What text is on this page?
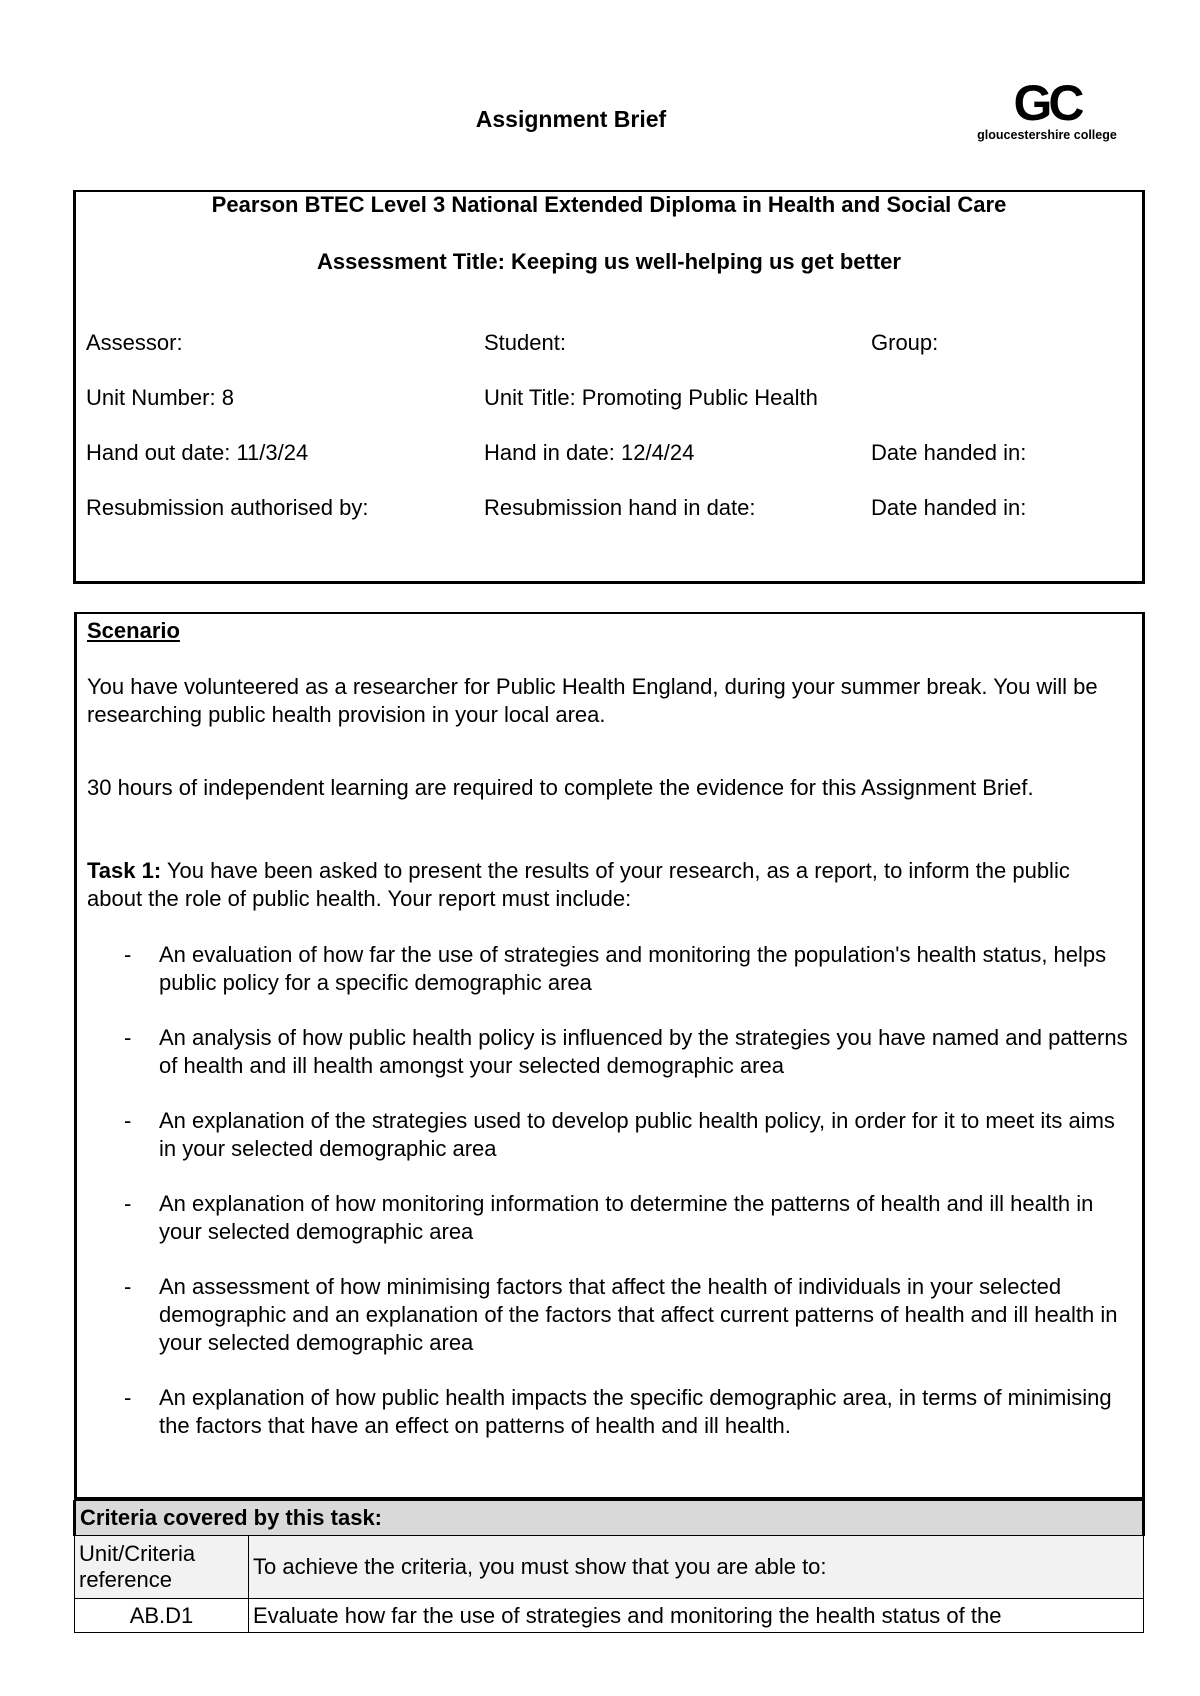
Assignment Brief	GC
gloucestershire college
Pearson BTEC Level 3 National Extended Diploma in Health and Social Care
Assessment Title: Keeping us well-helping us get better
Assessor:	Student:	Group:
Unit Number: 8	Unit Title: Promoting Public Health
Hand out date: 11/3/24	Hand in date: 12/4/24	Date handed in:
Resubmission authorised by:	Resubmission hand in date:	Date handed in:
Scenario

You have volunteered as a researcher for Public Health England, during your summer break. You will be researching public health provision in your local area.

30 hours of independent learning are required to complete the evidence for this Assignment Brief.

Task 1: You have been asked to present the results of your research, as a report, to inform the public about the role of public health. Your report must include:

- An evaluation of how far the use of strategies and monitoring the population's health status, helps public policy for a specific demographic area
- An analysis of how public health policy is influenced by the strategies you have named and patterns of health and ill health amongst your selected demographic area
- An explanation of the strategies used to develop public health policy, in order for it to meet its aims in your selected demographic area
- An explanation of how monitoring information to determine the patterns of health and ill health in your selected demographic area
- An assessment of how minimising factors that affect the health of individuals in your selected demographic and an explanation of the factors that affect current patterns of health and ill health in your selected demographic area
- An explanation of how public health impacts the specific demographic area, in terms of minimising the factors that have an effect on patterns of health and ill health.
Criteria covered by this task:	
Unit/Criteria reference	To achieve the criteria, you must show that you are able to:
AB.D1	Evaluate how far the use of strategies and monitoring the health status of the
